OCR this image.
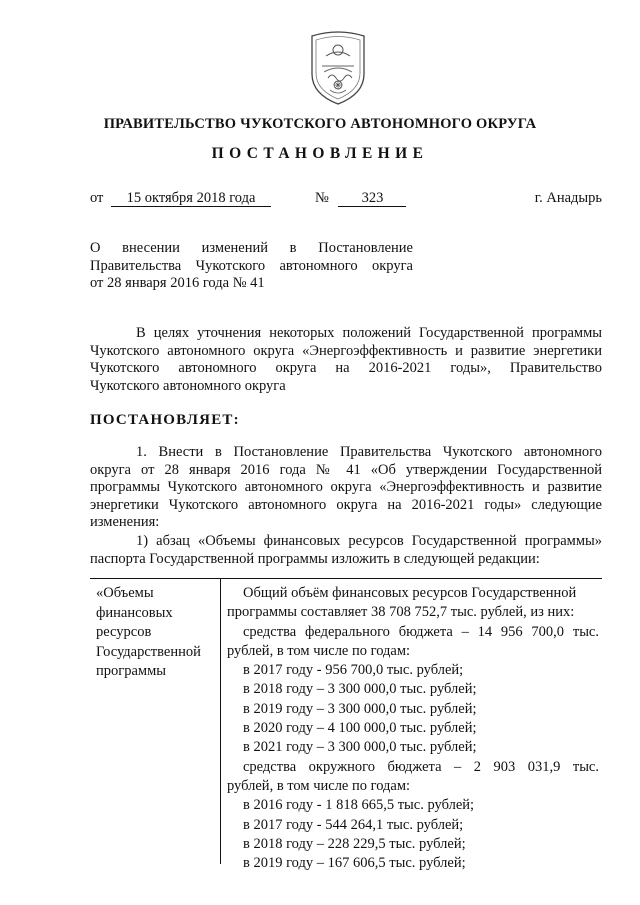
ПРАВИТЕЛЬСТВО ЧУКОТСКОГО АВТОНОМНОГО ОКРУГА
ПОСТАНОВЛЕНИЕ
от 15 октября 2018 года	№ 323	г. Анадырь
О внесении изменений в Постановление
Правительства Чукотского автономного округа
от 28 января 2016 года № 41
В целях уточнения некоторых положений Государственной программы
Чукотского автономного округа «Энергоэффективность и развитие энергетики
Чукотского автономного округа на 2016-2021 годы», Правительство
Чукотского автономного округа
ПОСТАНОВЛЯЕТ:
1. Внести в Постановление Правительства Чукотского автономного
округа от 28 января 2016 года № 41 «Об утверждении Государственной
программы Чукотского автономного округа «Энергоэффективность и развитие
энергетики Чукотского автономного округа на 2016-2021 годы» следующие
изменения:
1) абзац «Объемы финансовых ресурсов Государственной программы»
паспорта Государственной программы изложить в следующей редакции:
«Объемы
финансовых
ресурсов
Государственной
программы
Общий объём финансовых ресурсов Государственной
программы составляет 38 708 752,7 тыс. рублей, из них:
средства федерального бюджета – 14 956 700,0 тыс.
рублей, в том числе по годам:
в 2017 году - 956 700,0 тыс. рублей;
в 2018 году – 3 300 000,0 тыс. рублей;
в 2019 году – 3 300 000,0 тыс. рублей;
в 2020 году – 4 100 000,0 тыс. рублей;
в 2021 году – 3 300 000,0 тыс. рублей;
средства окружного бюджета – 2 903 031,9 тыс.
рублей, в том числе по годам:
в 2016 году - 1 818 665,5 тыс. рублей;
в 2017 году - 544 264,1 тыс. рублей;
в 2018 году – 228 229,5 тыс. рублей;
в 2019 году – 167 606,5 тыс. рублей;
